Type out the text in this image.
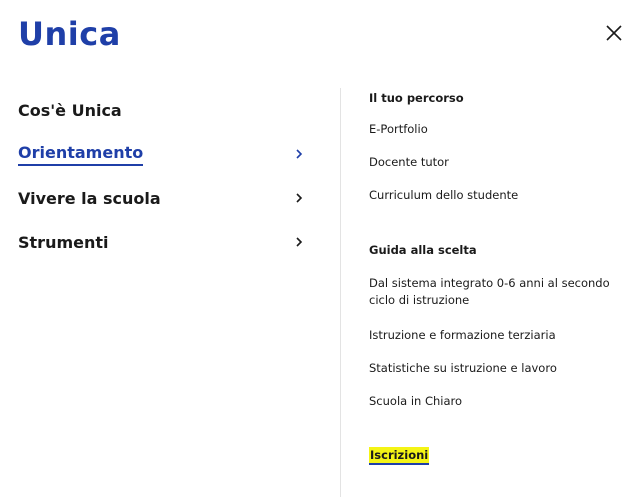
Unica
Cos'è Unica
Orientamento
Vivere la scuola
Strumenti
Il tuo percorso
E-Portfolio
Docente tutor
Curriculum dello studente
Guida alla scelta
Dal sistema integrato 0-6 anni al secondo ciclo di istruzione
Istruzione e formazione terziaria
Statistiche su istruzione e lavoro
Scuola in Chiaro
Iscrizioni
